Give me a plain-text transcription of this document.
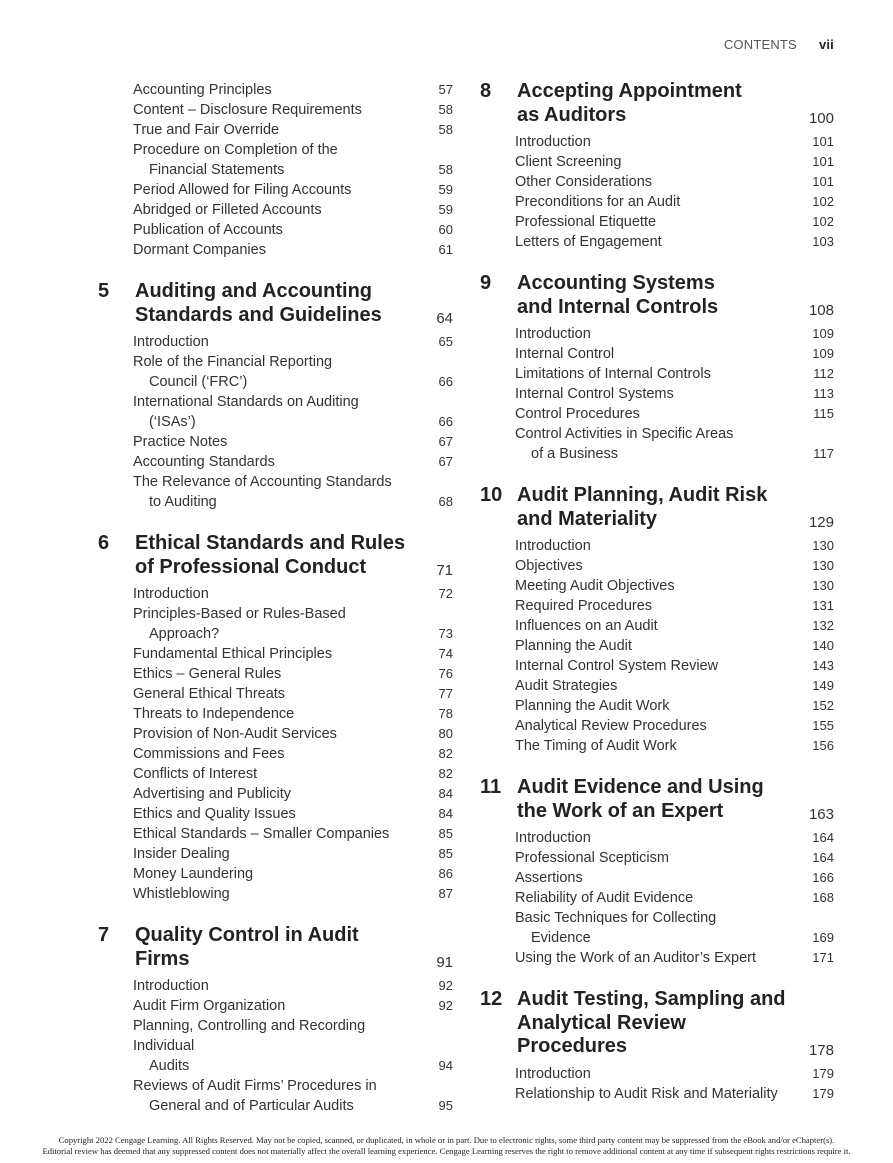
CONTENTS vii
Accounting Principles	57
Content – Disclosure Requirements	58
True and Fair Override	58
Procedure on Completion of the
Financial Statements	58
Period Allowed for Filing Accounts	59
Abridged or Filleted Accounts	59
Publication of Accounts	60
Dormant Companies	61
5	Auditing and Accounting
Standards and Guidelines	64
Introduction	65
Role of the Financial Reporting
Council (‘FRC’)	66
International Standards on Auditing
(‘ISAs’)	66
Practice Notes	67
Accounting Standards	67
The Relevance of Accounting Standards
to Auditing	68
6	Ethical Standards and Rules
of Professional Conduct	71
Introduction	72
Principles-Based or Rules-Based
Approach?	73
Fundamental Ethical Principles	74
Ethics – General Rules	76
General Ethical Threats	77
Threats to Independence	78
Provision of Non-Audit Services	80
Commissions and Fees	82
Conflicts of Interest	82
Advertising and Publicity	84
Ethics and Quality Issues	84
Ethical Standards – Smaller Companies	85
Insider Dealing	85
Money Laundering	86
Whistleblowing	87
7	Quality Control in Audit Firms	91
Introduction	92
Audit Firm Organization	92
Planning, Controlling and Recording Individual
Audits	94
Reviews of Audit Firms’ Procedures in
General and of Particular Audits	95
8	Accepting Appointment
as Auditors	100
Introduction	101
Client Screening	101
Other Considerations	101
Preconditions for an Audit	102
Professional Etiquette	102
Letters of Engagement	103
9	Accounting Systems
and Internal Controls	108
Introduction	109
Internal Control	109
Limitations of Internal Controls	112
Internal Control Systems	113
Control Procedures	115
Control Activities in Specific Areas
of a Business	117
10 Audit Planning, Audit Risk
and Materiality	129
Introduction	130
Objectives	130
Meeting Audit Objectives	130
Required Procedures	131
Influences on an Audit	132
Planning the Audit	140
Internal Control System Review	143
Audit Strategies	149
Planning the Audit Work	152
Analytical Review Procedures	155
The Timing of Audit Work	156
11 Audit Evidence and Using
the Work of an Expert	163
Introduction	164
Professional Scepticism	164
Assertions	166
Reliability of Audit Evidence	168
Basic Techniques for Collecting
Evidence	169
Using the Work of an Auditor’s Expert	171
12 Audit Testing, Sampling and
Analytical Review Procedures	178
Introduction	179
Relationship to Audit Risk and Materiality	179
Copyright 2022 Cengage Learning. All Rights Reserved. May not be copied, scanned, or duplicated, in whole or in part. Due to electronic rights, some third party content may be suppressed from the eBook and/or eChapter(s).
Editorial review has deemed that any suppressed content does not materially affect the overall learning experience. Cengage Learning reserves the right to remove additional content at any time if subsequent rights restrictions require it.
